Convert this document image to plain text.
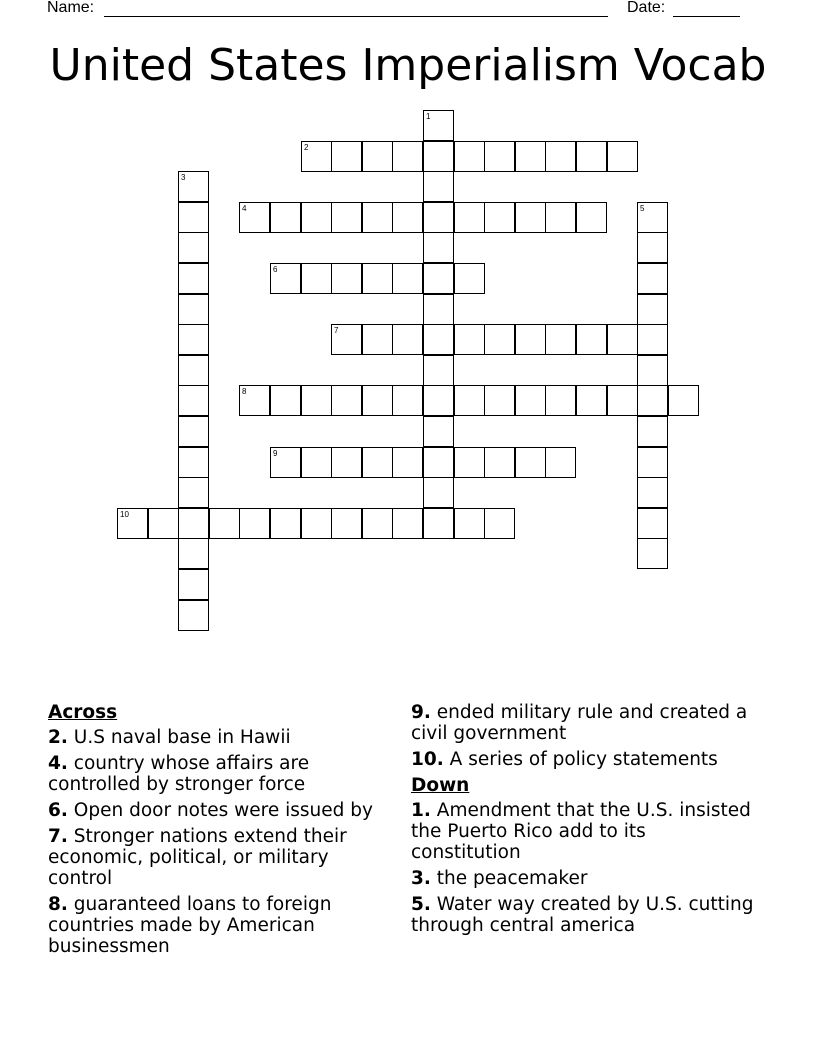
Name:	Date:
United States Imperialism Vocab
1
2
3
4	5
6
7
8
9
10
Across
2. U.S naval base in Hawii
4. country whose affairs are controlled by stronger force
6. Open door notes were issued by
7. Stronger nations extend their economic, political, or military control
8. guaranteed loans to foreign countries made by American businessmen
9. ended military rule and created a civil government
10. A series of policy statements
Down
1. Amendment that the U.S. insisted the Puerto Rico add to its constitution
3. the peacemaker
5. Water way created by U.S. cutting through central america
